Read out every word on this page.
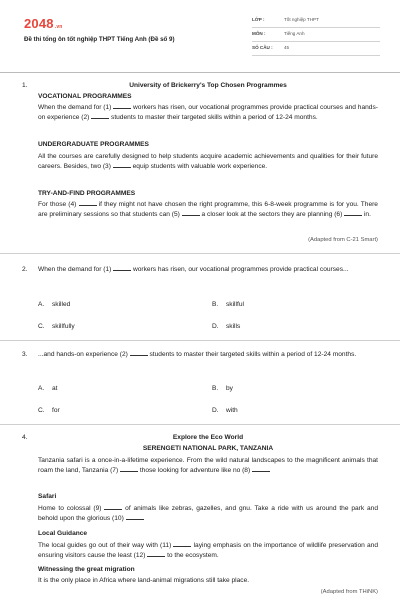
2048.vn
Đề thi tổng ôn tốt nghiệp THPT Tiếng Anh (Đề số 9)
LỚP :	Tốt nghiệp THPT
MÔN :	Tiếng Anh
SỐ CÂU : 45
1.	University of Brickerry's Top Chosen Programmes
VOCATIONAL PROGRAMMES
When the demand for (1)	workers has risen, our vocational programmes provide practical courses and hands-on experience (2)	students to master their targeted skills within a period of 12-24 months.
UNDERGRADUATE PROGRAMMES
All the courses are carefully designed to help students acquire academic achievements and qualities for their future careers. Besides, two (3)	equip students with valuable work experience.
TRY-AND-FIND PROGRAMMES
For those (4)	if they might not have chosen the right programme, this 6-8-week programme is for you. There are preliminary sessions so that students can (5)	a closer look at the sectors they are planning (6)	in.
(Adapted from C-21 Smart)
2. When the demand for (1)	workers has risen, our vocational programmes provide practical courses...
A. skilled	B. skillful
C. skillfully	D. skills
3. ...and hands-on experience (2)	students to master their targeted skills within a period of 12-24 months.
A. at	B. by
C. for	D. with
4.	Explore the Eco World
SERENGETI NATIONAL PARK, TANZANIA
Tanzania safari is a once-in-a-lifetime experience. From the wild natural landscapes to the magnificent animals that roam the land, Tanzania (7)	those looking for adventure like no (8)
Safari
Home to colossal (9)	of animals like zebras, gazelles, and gnu. Take a ride with us around the park and behold upon the glorious (10)
Local Guidance
The local guides go out of their way with (11)	laying emphasis on the importance of wildlife preservation and ensuring visitors cause the least (12)	to the ecosystem.
Witnessing the great migration
It is the only place in Africa where land-animal migrations still take place.
(Adapted from THiNK)
